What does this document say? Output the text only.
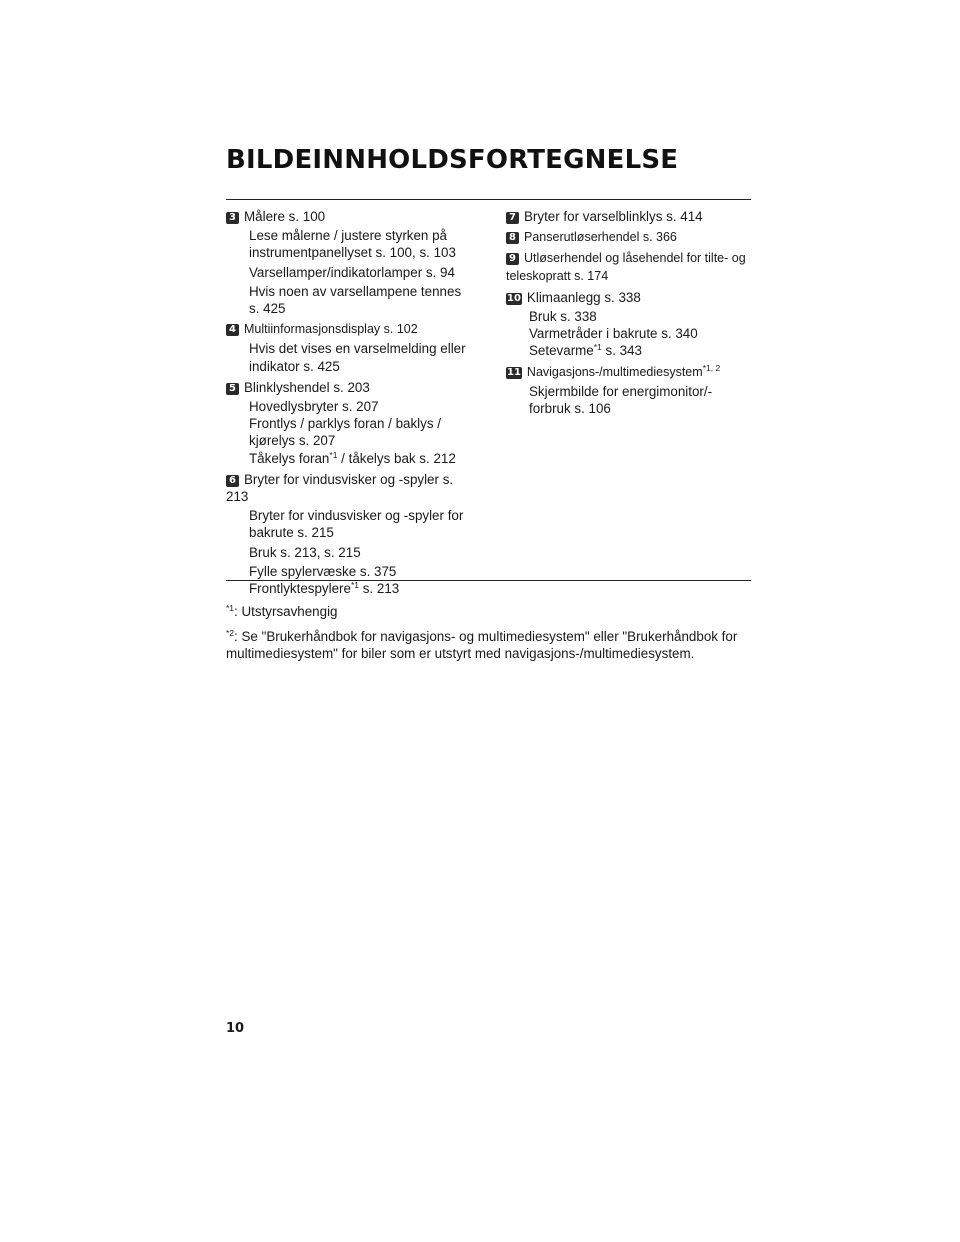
BILDEINNHOLDSFORTEGNELSE
3 Målere s. 100
Lese målerne / justere styrken på instrumentpanellyset s. 100, s. 103
Varsellamper/indikatorlamper s. 94
Hvis noen av varsellampene tennes s. 425
4 Multiinformasjonsdisplay s. 102
Hvis det vises en varselmelding eller indikator s. 425
5 Blinklyshendel s. 203
Hovedlysbryter s. 207
Frontlys / parklys foran / baklys / kjørelys s. 207
Tåkelys foran$^{*1}$ / tåkelys bak s. 212
6 Bryter for vindusvisker og -spyler s. 213
Bryter for vindusvisker og -spyler for bakrute s. 215
Bruk s. 213, s. 215
Fylle spylervæske s. 375
Frontlyktespylere$^{*1}$ s. 213
7 Bryter for varselblinklys s. 414
8 Panserutløserhendel s. 366
9 Utløserhendel og låsehendel for tilte- og teleskopratt s. 174
10 Klimaanlegg s. 338
Bruk s. 338
Varmetråder i bakrute s. 340
Setevarme$^{*1}$ s. 343
11 Navigasjons-/multimediesystem$^{*1, 2}$
Skjermbilde for energimonitor/-forbruk s. 106
$^{*1}$: Utstyrsavhengig
$^{*2}$: Se "Brukerhåndbok for navigasjons- og multimediesystem" eller "Brukerhåndbok for multimediesystem" for biler som er utstyrt med navigasjons-/multimediesystem.
10
